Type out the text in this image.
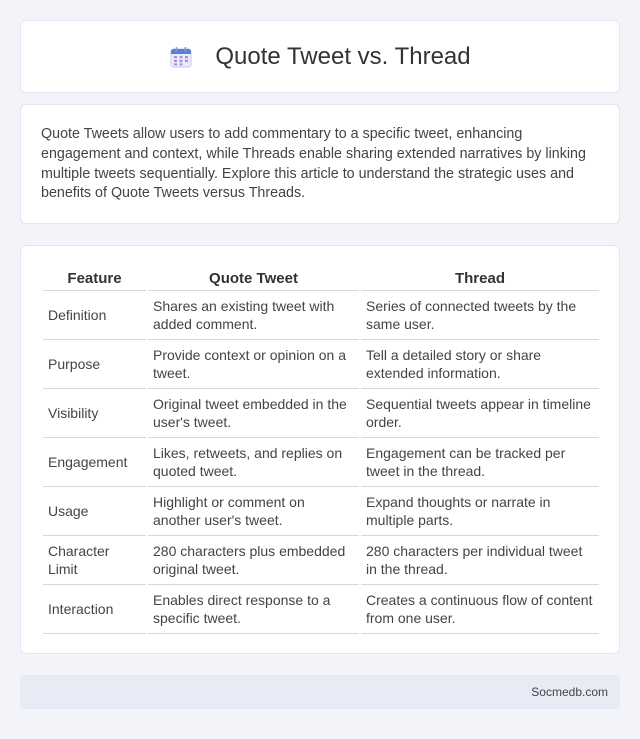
Quote Tweet vs. Thread

Quote Tweets allow users to add commentary to a specific tweet, enhancing engagement and context, while Threads enable sharing extended narratives by linking multiple tweets sequentially. Explore this article to understand the strategic uses and benefits of Quote Tweets versus Threads.

Feature	Quote Tweet	Thread
Definition	Shares an existing tweet with added comment.	Series of connected tweets by the same user.
Purpose	Provide context or opinion on a tweet.	Tell a detailed story or share extended information.
Visibility	Original tweet embedded in the user's tweet.	Sequential tweets appear in timeline order.
Engagement	Likes, retweets, and replies on quoted tweet.	Engagement can be tracked per tweet in the thread.
Usage	Highlight or comment on another user's tweet.	Expand thoughts or narrate in multiple parts.
Character Limit	280 characters plus embedded original tweet.	280 characters per individual tweet in the thread.
Interaction	Enables direct response to a specific tweet.	Creates a continuous flow of content from one user.
Socmedb.com
